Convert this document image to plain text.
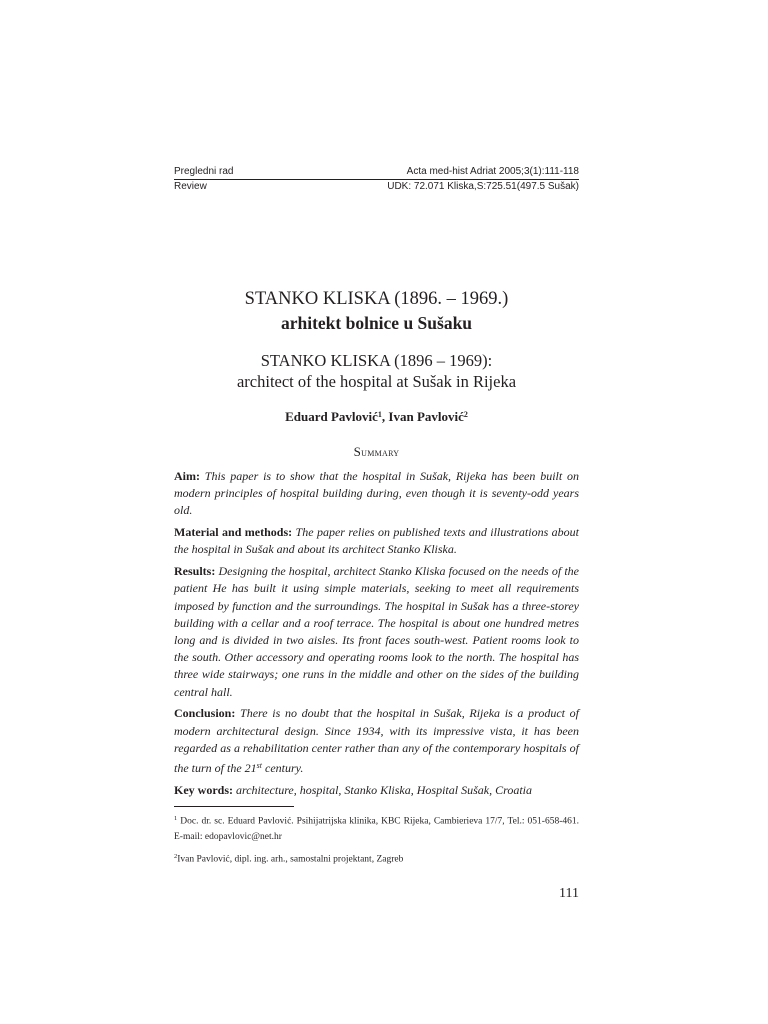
Pregledni rad	Acta med-hist Adriat 2005;3(1):111-118
Review	UDK: 72.071 Kliska,S:725.51(497.5 Sušak)
STANKO KLISKA (1896. – 1969.)
arhitekt bolnice u Sušaku
STANKO KLISKA (1896 – 1969):
architect of the hospital at Sušak in Rijeka
Eduard Pavlović$^1$, Ivan Pavlović$^2$
Summary

Aim: This paper is to show that the hospital in Sušak, Rijeka has been built on modern principles of hospital building during, even though it is seventy-odd years old.

Material and methods: The paper relies on published texts and illustrations about the hospital in Sušak and about its architect Stanko Kliska.

Results: Designing the hospital, architect Stanko Kliska focused on the needs of the patient He has built it using simple materials, seeking to meet all requirements imposed by function and the surroundings. The hospital in Sušak has a three-storey building with a cellar and a roof terrace. The hospital is about one hundred metres long and is divided in two aisles. Its front faces south-west. Patient rooms look to the south. Other accessory and operating rooms look to the north. The hospital has three wide stairways; one runs in the middle and other on the sides of the building central hall.

Conclusion: There is no doubt that the hospital in Sušak, Rijeka is a product of modern architectural design. Since 1934, with its impressive vista, it has been regarded as a rehabilitation center rather than any of the contemporary hospitals of the turn of the 21st century.

Key words: architecture, hospital, Stanko Kliska, Hospital Sušak, Croatia

$^1$ Doc. dr. sc. Eduard Pavlović. Psihijatrijska klinika, KBC Rijeka, Cambierieva 17/7, Tel.: 051-658-461. E-mail: edopavlovic@net.hr
$^2$Ivan Pavlović, dipl. ing. arh., samostalni projektant, Zagreb
111
